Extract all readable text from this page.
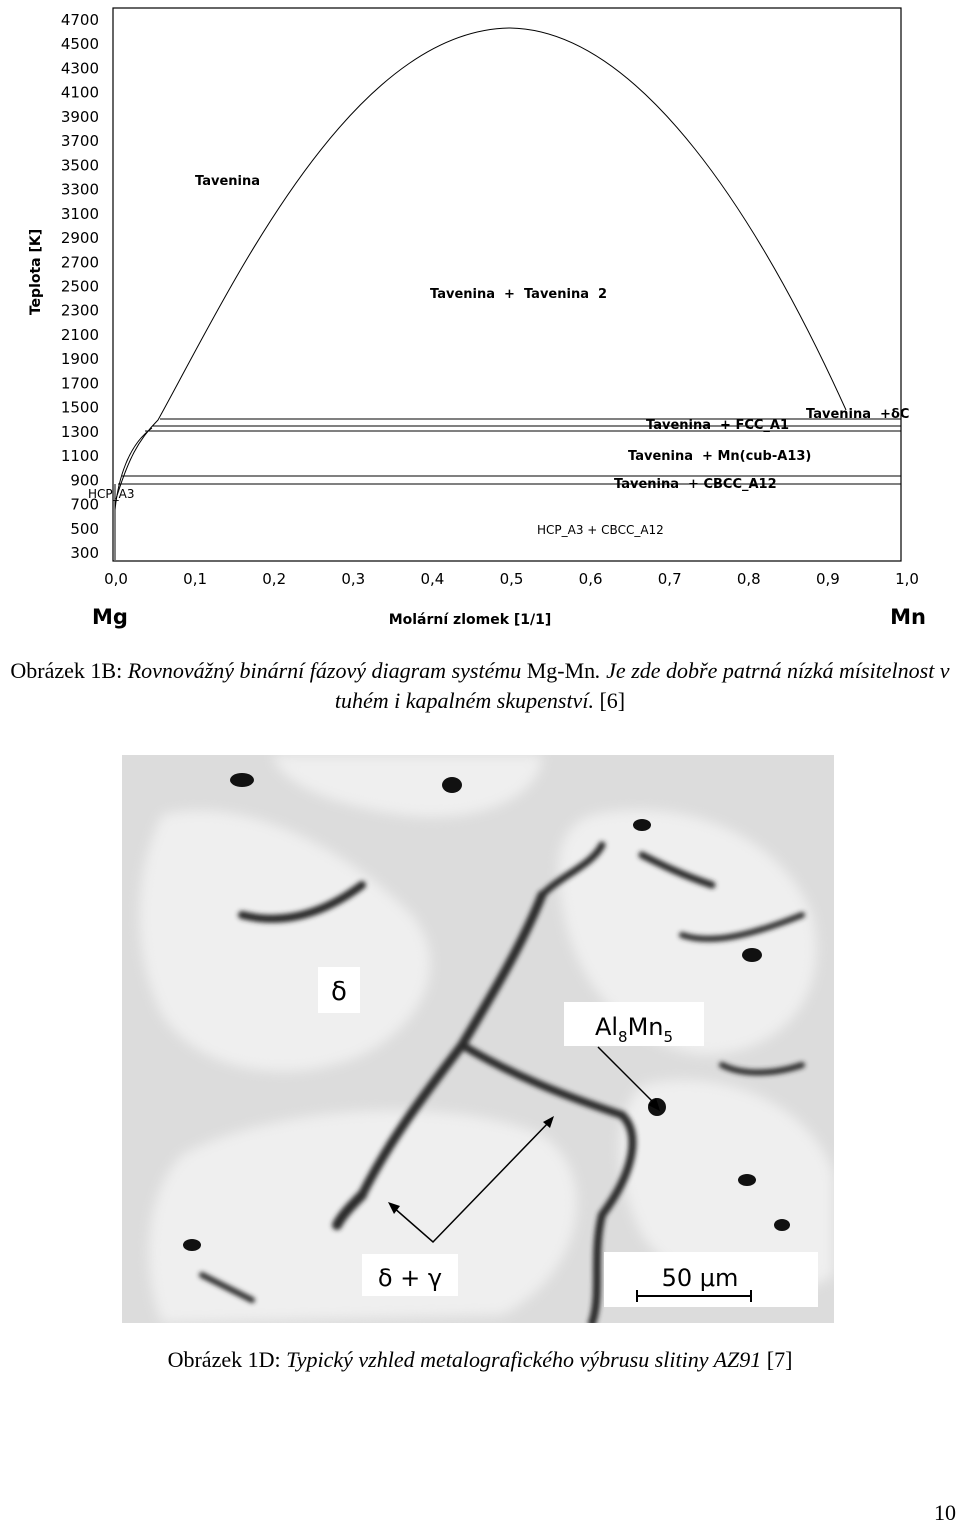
4700
4500
4300
4100
3900
3700
3500
3300
3100
2900
2700
2500
2300
2100
1900
1700
1500
1300
1100
900
700
500
300
0,0	0,1	0,2	0,3	0,4	0,5	0,6	0,7	0,8	0,9	1,0
Teplota [K]
Molární zlomek [1/1]
Mg	Mn
Tavenina
Tavenina  +  Tavenina  2
Tavenina  +δC
Tavenina  + FCC_A1
Tavenina  + Mn(cub-A13)
Tavenina  + CBCC_A12
HCP_A3
HCP_A3 + CBCC_A12
Obrázek 1B: Rovnovážný binární fázový diagram systému Mg-Mn. Je zde dobře patrná nízká mísitelnost v tuhém i kapalném skupenství. [6]
δ
$Al_8Mn_5$
δ + γ	50 μm
Obrázek 1D: Typický vzhled metalografického výbrusu slitiny AZ91 [7]
10
